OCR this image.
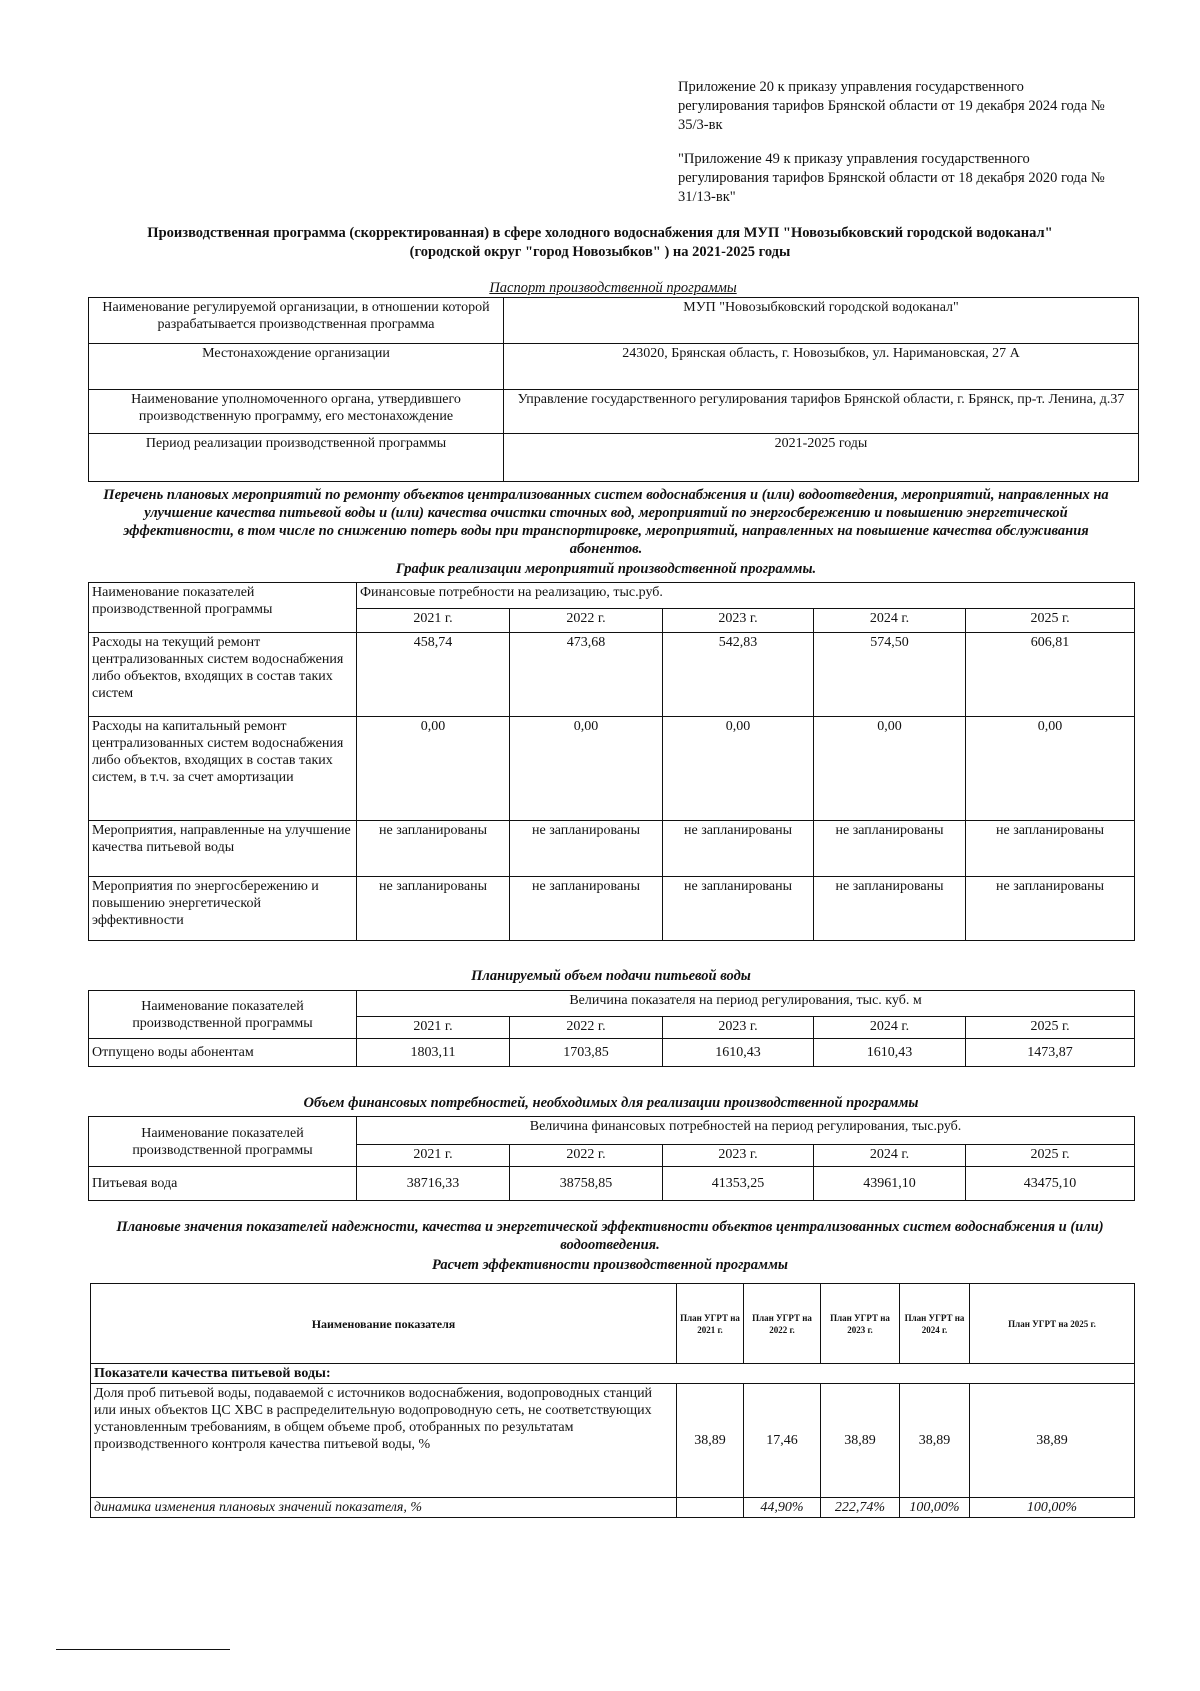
Приложение 20 к приказу управления государственного регулирования тарифов Брянской области от 19 декабря 2024 года № 35/3-вк
"Приложение 49 к приказу управления государственного регулирования тарифов Брянской области от 18 декабря 2020 года № 31/13-вк"
Производственная программа (скорректированная) в сфере холодного водоснабжения для МУП "Новозыбковский городской водоканал"
(городской округ "город Новозыбков" ) на 2021-2025 годы
Паспорт производственной программы
Наименование регулируемой организации, в отношении которой разрабатывается производственная программа	МУП "Новозыбковский городской водоканал"
Местонахождение организации	243020, Брянская область, г. Новозыбков, ул. Наримановская, 27 А
Наименование уполномоченного органа, утвердившего производственную программу, его местонахождение	Управление государственного регулирования тарифов Брянской области, г. Брянск, пр-т. Ленина, д.37
Период реализации производственной программы	2021-2025 годы
Перечень плановых мероприятий по ремонту объектов централизованных систем водоснабжения и (или) водоотведения, мероприятий, направленных на улучшение качества питьевой воды и (или) качества очистки сточных вод, мероприятий по энергосбережению и повышению энергетической эффективности, в том числе по снижению потерь воды при транспортировке, мероприятий, направленных на повышение качества обслуживания абонентов.
График реализации мероприятий производственной программы.
Наименование показателей производственной программы	Финансовые потребности на реализацию, тыс.руб.				
	2021 г.	2022 г.	2023 г.	2024 г.	2025 г.
Расходы на текущий ремонт централизованных систем водоснабжения либо объектов, входящих в состав таких систем	458,74	473,68	542,83	574,50	606,81
Расходы на капитальный ремонт централизованных систем водоснабжения либо объектов, входящих в состав таких систем, в т.ч. за счет амортизации	0,00	0,00	0,00	0,00	0,00
Мероприятия, направленные на улучшение качества питьевой воды	не запланированы	не запланированы	не запланированы	не запланированы	не запланированы
Мероприятия по энергосбережению и повышению энергетической эффективности	не запланированы	не запланированы	не запланированы	не запланированы	не запланированы
Планируемый объем подачи питьевой воды
Наименование показателей производственной программы	Величина показателя на период регулирования, тыс. куб. м				
	2021 г.	2022 г.	2023 г.	2024 г.	2025 г.
Отпущено воды абонентам	1803,11	1703,85	1610,43	1610,43	1473,87
Объем финансовых потребностей, необходимых для реализации производственной программы
Наименование показателей производственной программы	Величина финансовых потребностей на период регулирования, тыс.руб.				
	2021 г.	2022 г.	2023 г.	2024 г.	2025 г.
Питьевая вода	38716,33	38758,85	41353,25	43961,10	43475,10
Плановые значения показателей надежности, качества и энергетической эффективности объектов централизованных систем водоснабжения и (или) водоотведения.
Расчет эффективности производственной программы
Наименование показателя	План УГРТ на 2021 г.	План УГРТ на 2022 г.	План УГРТ на 2023 г.	План УГРТ на 2024 г.	План УГРТ на 2025 г.
Показатели качества питьевой воды:					
Доля проб питьевой воды, подаваемой с источников водоснабжения, водопроводных станций или иных объектов ЦС ХВС в распределительную водопроводную сеть, не соответствующих установленным требованиям, в общем объеме проб, отобранных по результатам производственного контроля качества питьевой воды, %	38,89	17,46	38,89	38,89	38,89
динамика изменения плановых значений показателя, %		44,90%	222,74%	100,00%	100,00%
